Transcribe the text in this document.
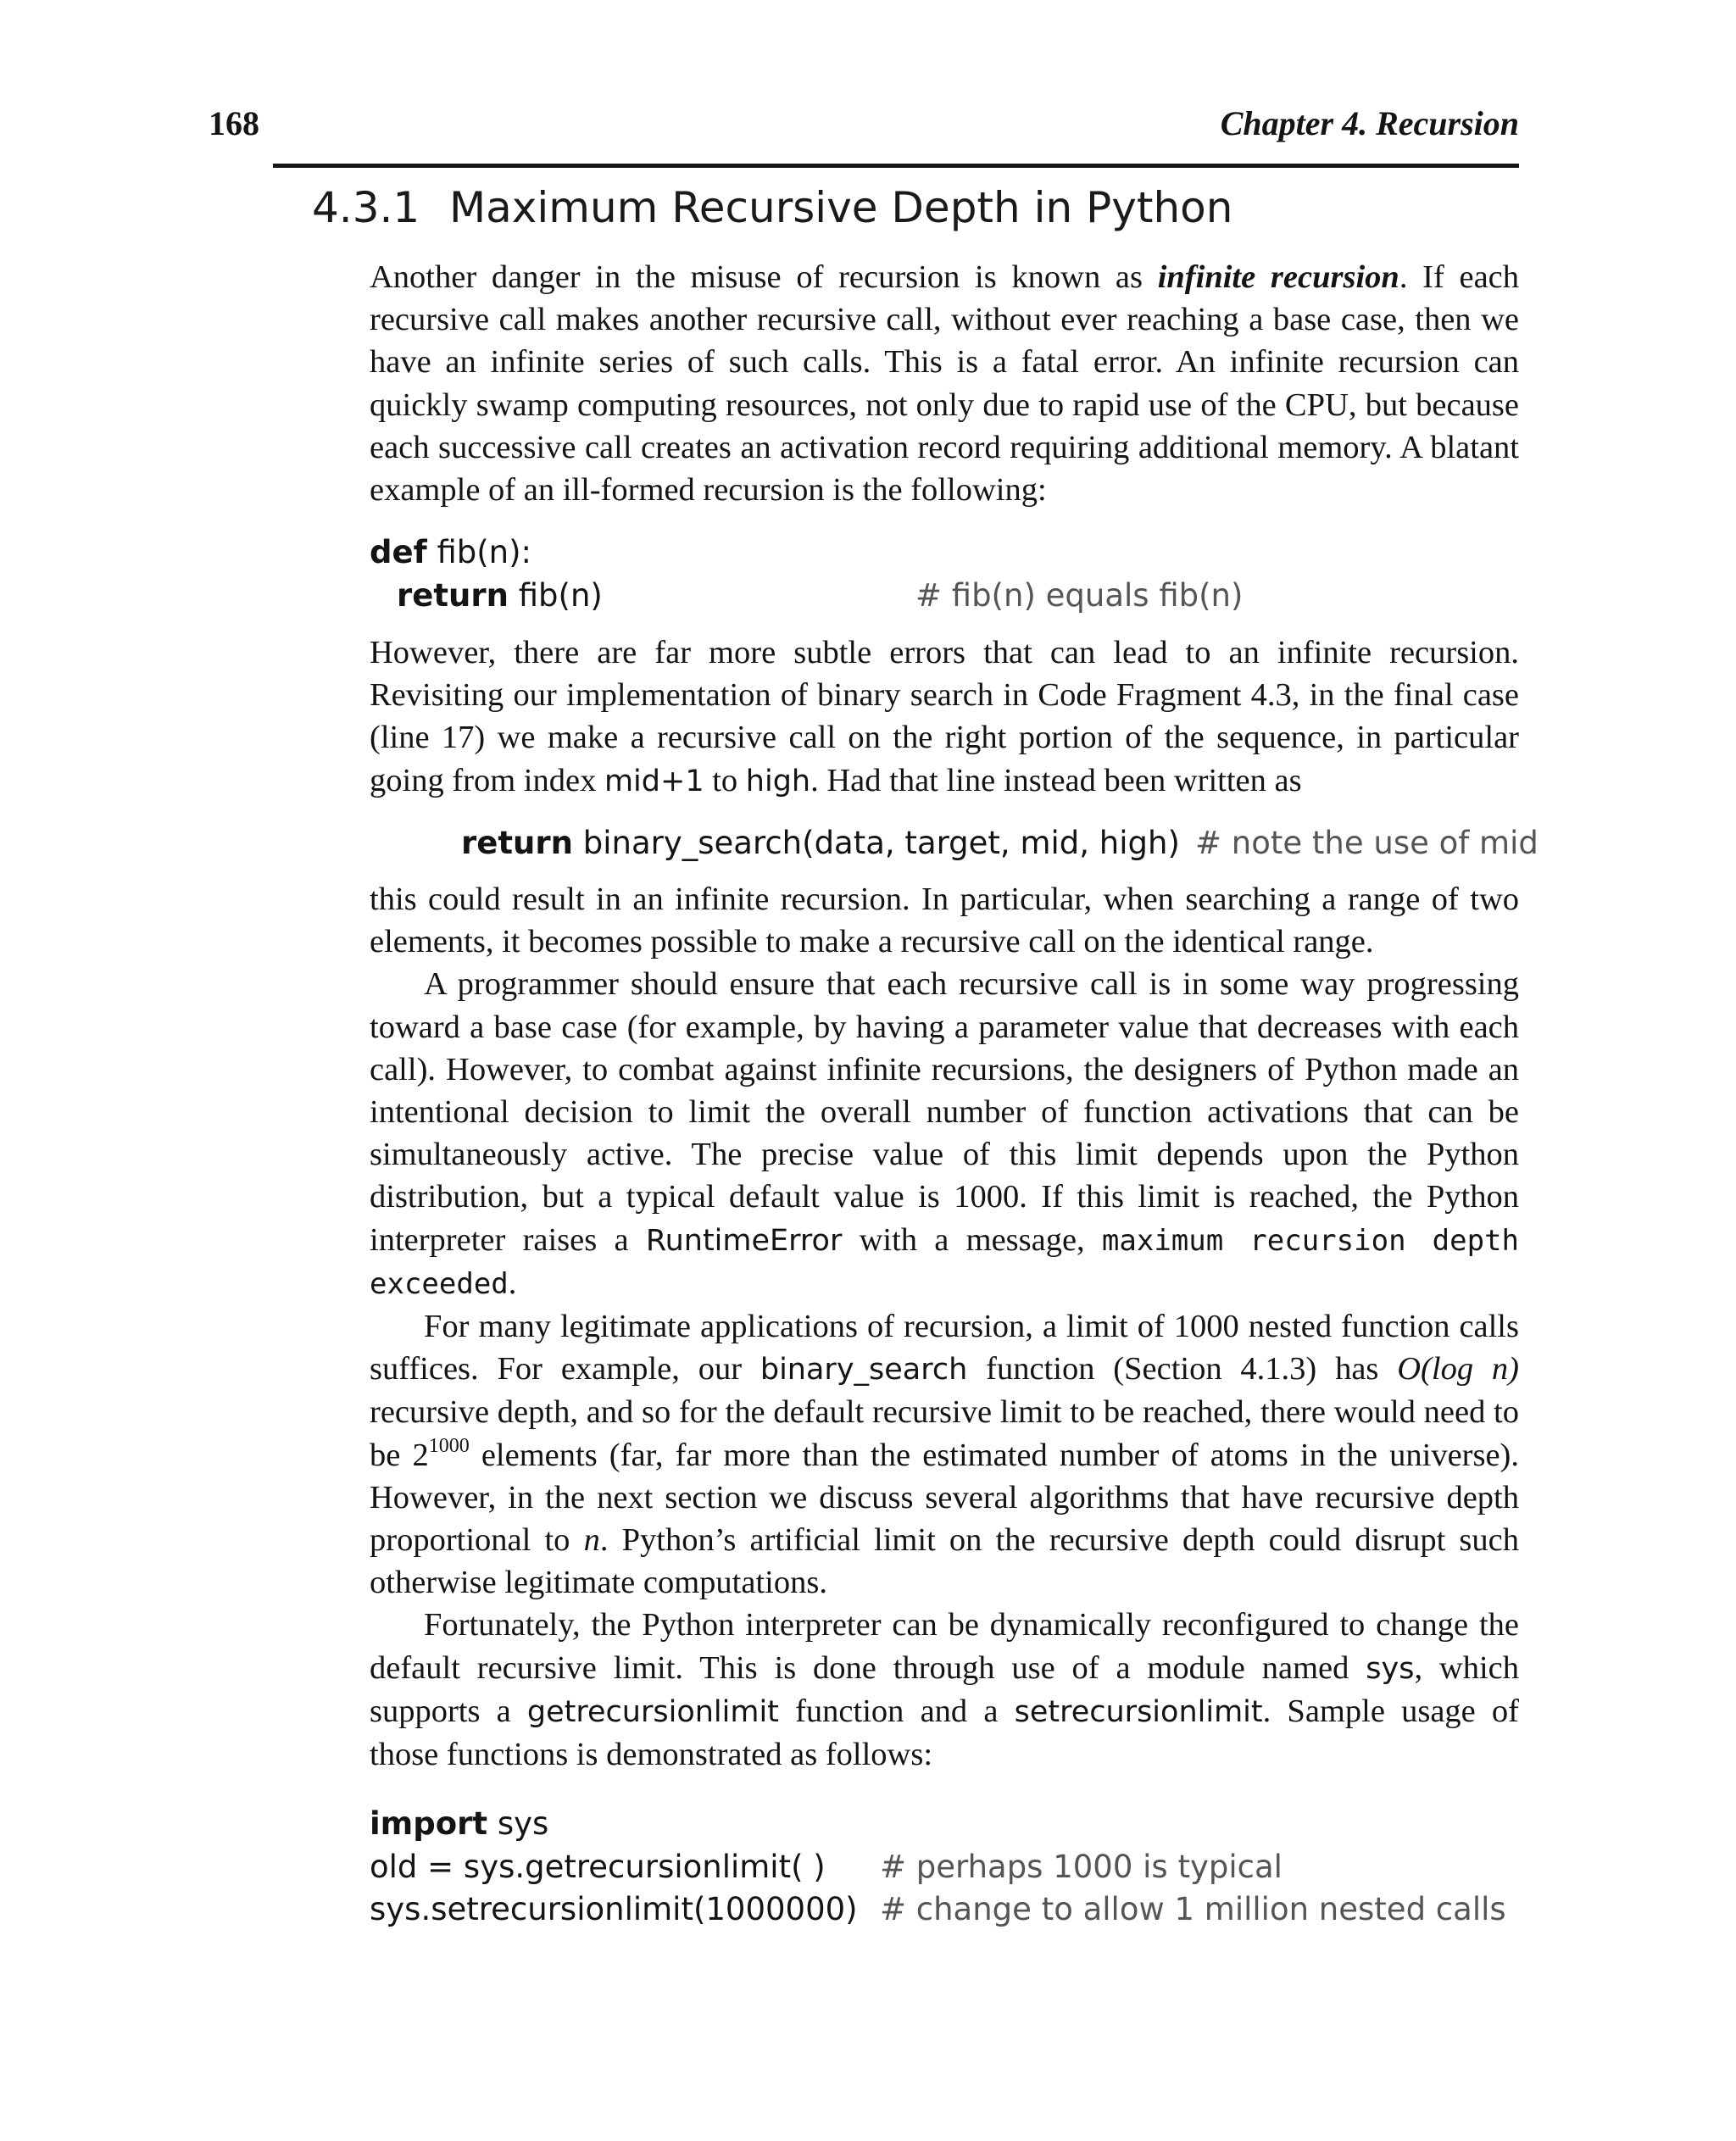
168	Chapter 4. Recursion
4.3.1 Maximum Recursive Depth in Python

Another danger in the misuse of recursion is known as infinite recursion. If each recursive call makes another recursive call, without ever reaching a base case, then we have an infinite series of such calls. This is a fatal error. An infinite recursion can quickly swamp computing resources, not only due to rapid use of the CPU, but because each successive call creates an activation record requiring additional memory. A blatant example of an ill-formed recursion is the following:

def fib(n):
return fib(n)	# fib(n) equals fib(n)

However, there are far more subtle errors that can lead to an infinite recursion. Revisiting our implementation of binary search in Code Fragment 4.3, in the final case (line 17) we make a recursive call on the right portion of the sequence, in particular going from index mid+1 to high. Had that line instead been written as

return binary_search(data, target, mid, high) # note the use of mid

this could result in an infinite recursion. In particular, when searching a range of two elements, it becomes possible to make a recursive call on the identical range.

A programmer should ensure that each recursive call is in some way progressing toward a base case (for example, by having a parameter value that decreases with each call). However, to combat against infinite recursions, the designers of Python made an intentional decision to limit the overall number of function activations that can be simultaneously active. The precise value of this limit depends upon the Python distribution, but a typical default value is 1000. If this limit is reached, the Python interpreter raises a RuntimeError with a message, maximum recursion depth exceeded.

For many legitimate applications of recursion, a limit of 1000 nested function calls suffices. For example, our binary_search function (Section 4.1.3) has O(log n) recursive depth, and so for the default recursive limit to be reached, there would need to be $2^{1000}$ elements (far, far more than the estimated number of atoms in the universe). However, in the next section we discuss several algorithms that have recursive depth proportional to n. Python’s artificial limit on the recursive depth could disrupt such otherwise legitimate computations.

Fortunately, the Python interpreter can be dynamically reconfigured to change the default recursive limit. This is done through use of a module named sys, which supports a getrecursionlimit function and a setrecursionlimit. Sample usage of those functions is demonstrated as follows:

import sys
old = sys.getrecursionlimit( ) # perhaps 1000 is typical
sys.setrecursionlimit(1000000) # change to allow 1 million nested calls
